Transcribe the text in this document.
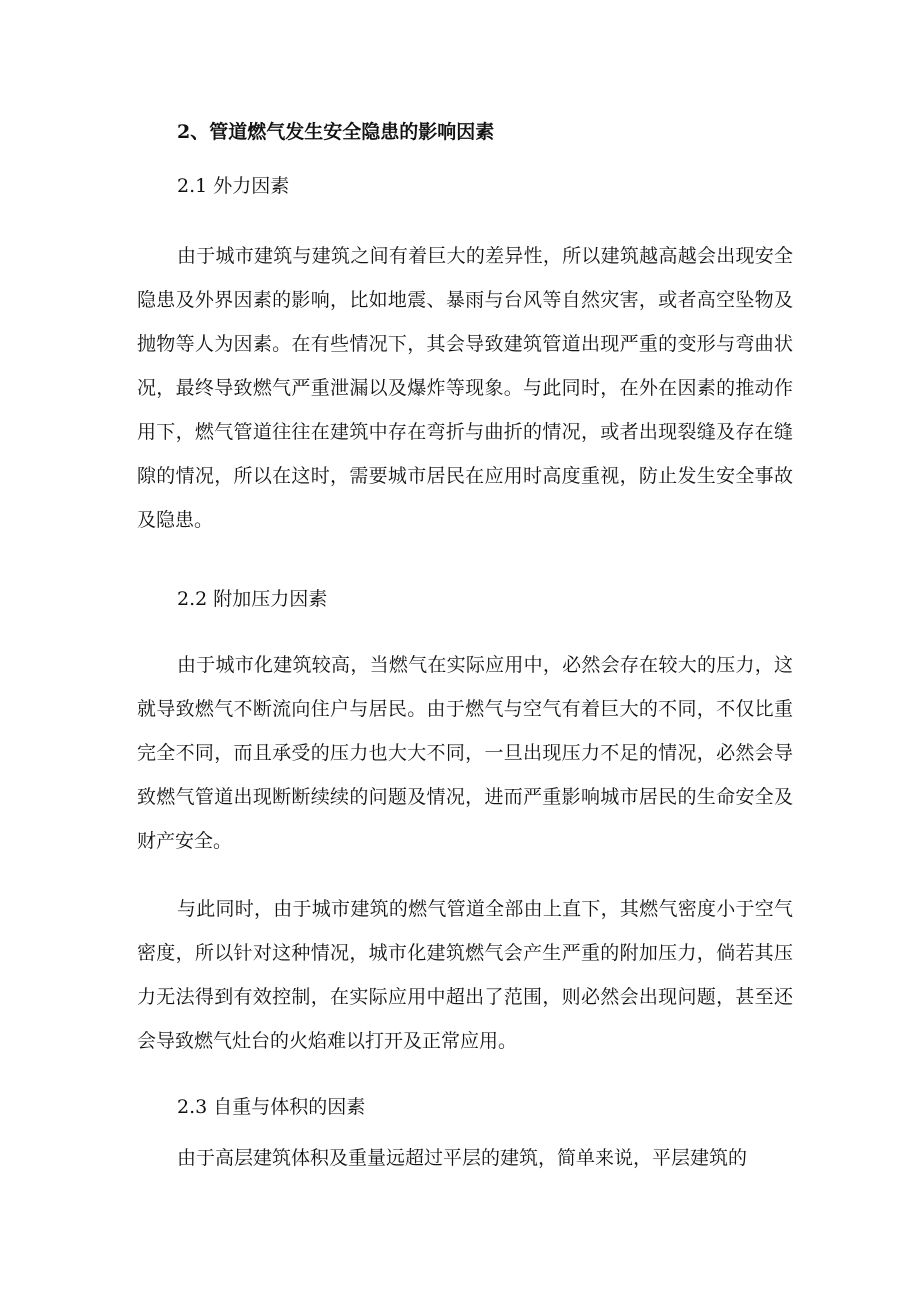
2、管道燃气发生安全隐患的影响因素

2.1 外力因素

由于城市建筑与建筑之间有着巨大的差异性，所以建筑越高越会出现安全隐患及外界因素的影响，比如地震、暴雨与台风等自然灾害，或者高空坠物及抛物等人为因素。在有些情况下，其会导致建筑管道出现严重的变形与弯曲状况，最终导致燃气严重泄漏以及爆炸等现象。与此同时，在外在因素的推动作用下，燃气管道往往在建筑中存在弯折与曲折的情况，或者出现裂缝及存在缝隙的情况，所以在这时，需要城市居民在应用时高度重视，防止发生安全事故及隐患。

2.2 附加压力因素

由于城市化建筑较高，当燃气在实际应用中，必然会存在较大的压力，这就导致燃气不断流向住户与居民。由于燃气与空气有着巨大的不同，不仅比重完全不同，而且承受的压力也大大不同，一旦出现压力不足的情况，必然会导致燃气管道出现断断续续的问题及情况，进而严重影响城市居民的生命安全及财产安全。

与此同时，由于城市建筑的燃气管道全部由上直下，其燃气密度小于空气密度，所以针对这种情况，城市化建筑燃气会产生严重的附加压力，倘若其压力无法得到有效控制，在实际应用中超出了范围，则必然会出现问题，甚至还会导致燃气灶台的火焰难以打开及正常应用。

2.3 自重与体积的因素

由于高层建筑体积及重量远超过平层的建筑，简单来说，平层建筑的
